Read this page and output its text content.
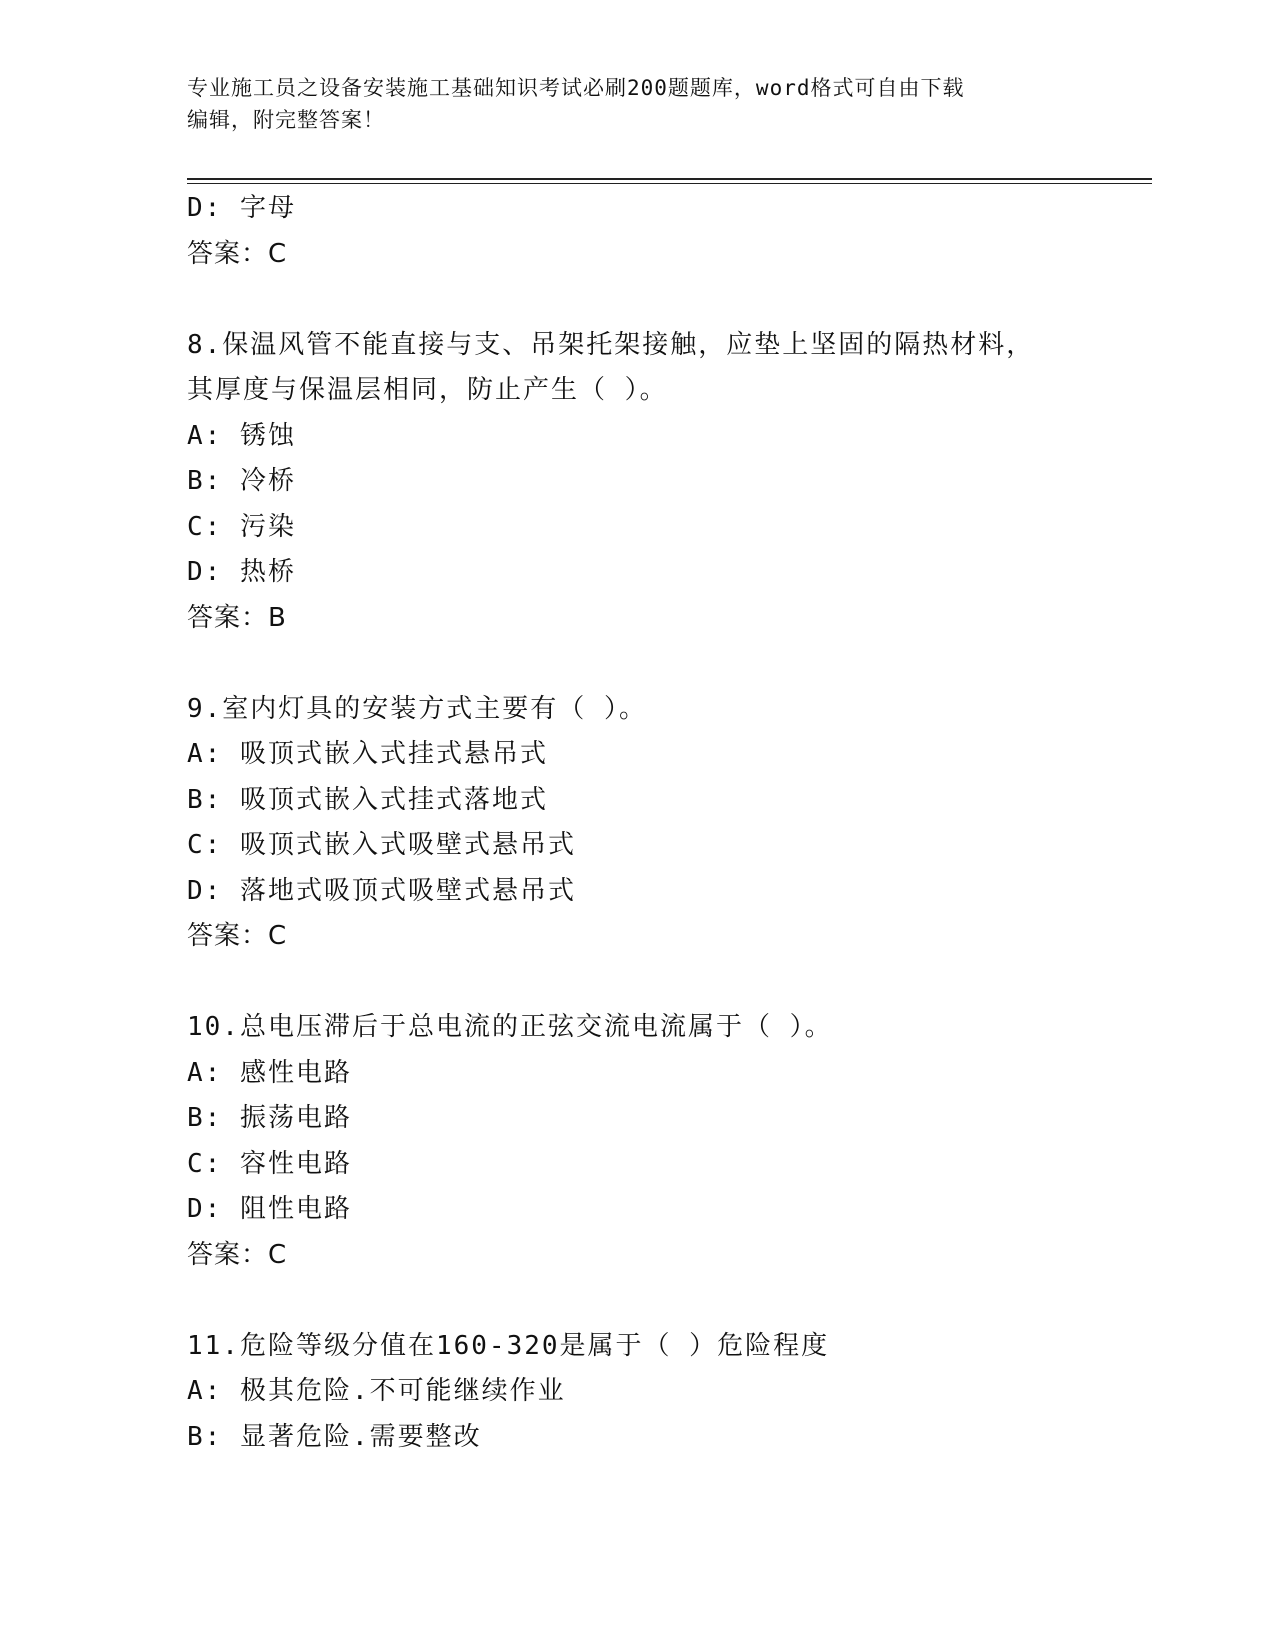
专业施工员之设备安装施工基础知识考试必刷200题题库，word格式可自由下载
编辑，附完整答案！
D: 字母
答案：C
8.保温风管不能直接与支、吊架托架接触，应垫上坚固的隔热材料，
其厚度与保温层相同，防止产生（ ）。
A: 锈蚀
B: 冷桥
C: 污染
D: 热桥
答案：B
9.室内灯具的安装方式主要有（ ）。
A: 吸顶式嵌入式挂式悬吊式
B: 吸顶式嵌入式挂式落地式
C: 吸顶式嵌入式吸壁式悬吊式
D: 落地式吸顶式吸壁式悬吊式
答案：C
10.总电压滞后于总电流的正弦交流电流属于（ ）。
A: 感性电路
B: 振荡电路
C: 容性电路
D: 阻性电路
答案：C
11.危险等级分值在160-320是属于（ ）危险程度
A: 极其危险.不可能继续作业
B: 显著危险.需要整改
